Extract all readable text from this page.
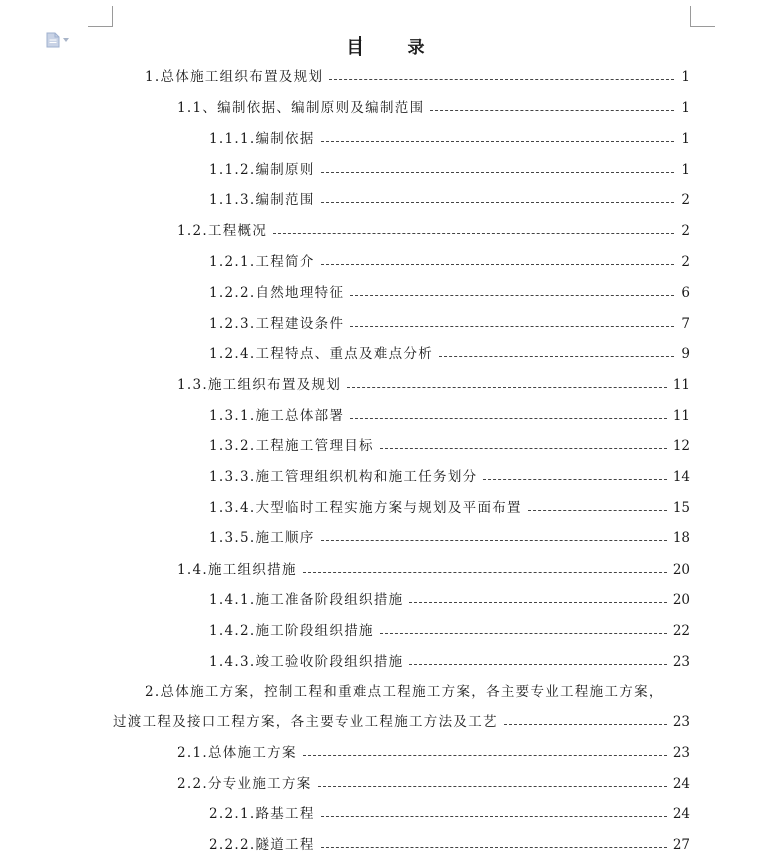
目	录
1.总体施工组织布置及规划	1
1.1、编制依据、编制原则及编制范围	1
1.1.1.编制依据	1
1.1.2.编制原则	1
1.1.3.编制范围	2
1.2.工程概况	2
1.2.1.工程简介	2
1.2.2.自然地理特征	6
1.2.3.工程建设条件	7
1.2.4.工程特点、重点及难点分析	9
1.3.施工组织布置及规划	11
1.3.1.施工总体部署	11
1.3.2.工程施工管理目标	12
1.3.3.施工管理组织机构和施工任务划分	14
1.3.4.大型临时工程实施方案与规划及平面布置	15
1.3.5.施工顺序	18
1.4.施工组织措施	20
1.4.1.施工准备阶段组织措施	20
1.4.2.施工阶段组织措施	22
1.4.3.竣工验收阶段组织措施	23
2.总体施工方案，控制工程和重难点工程施工方案，各主要专业工程施工方案，
过渡工程及接口工程方案，各主要专业工程施工方法及工艺	23
2.1.总体施工方案	23
2.2.分专业施工方案	24
2.2.1.路基工程	24
2.2.2.隧道工程	27
